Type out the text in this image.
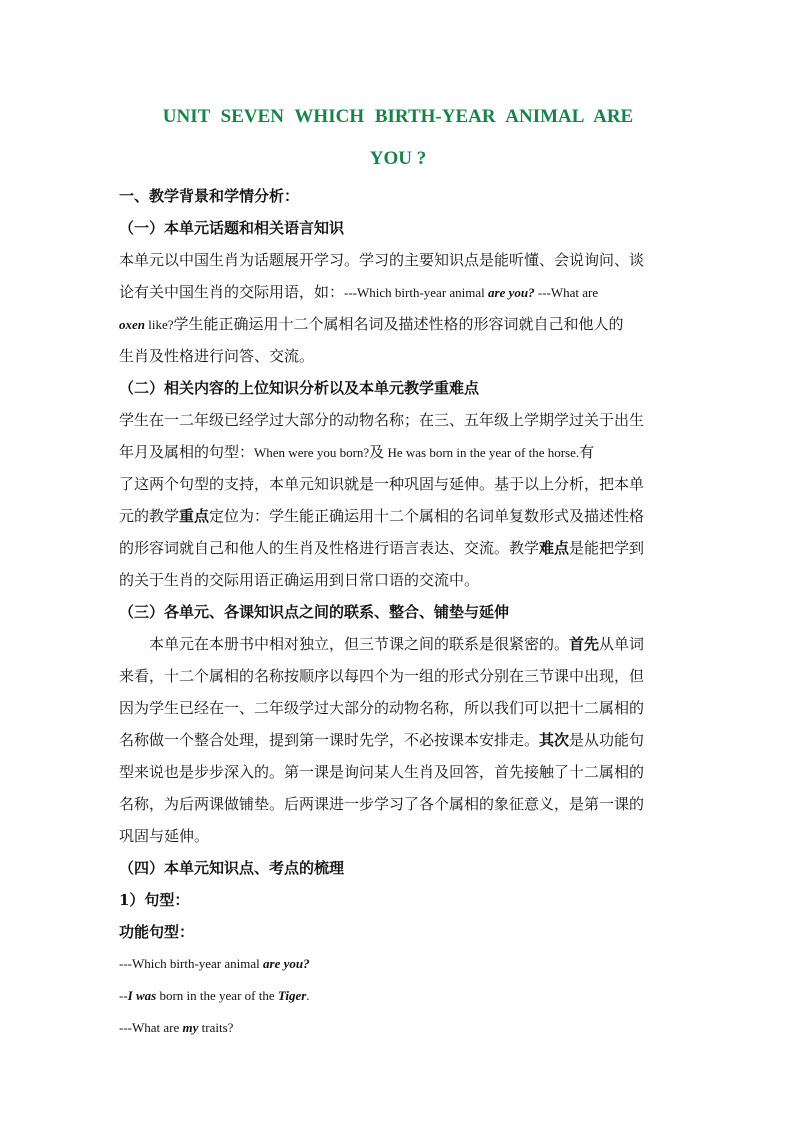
UNIT SEVEN WHICH BIRTH-YEAR ANIMAL ARE
YOU ?
一、教学背景和学情分析：
（一）本单元话题和相关语言知识
本单元以中国生肖为话题展开学习。学习的主要知识点是能听懂、会说询问、谈
论有关中国生肖的交际用语，如：---Which birth-year animal are you? ---What are
oxen like?学生能正确运用十二个属相名词及描述性格的形容词就自己和他人的
生肖及性格进行问答、交流。
（二）相关内容的上位知识分析以及本单元教学重难点
学生在一二年级已经学过大部分的动物名称；在三、五年级上学期学过关于出生
年月及属相的句型：When were you born?及 He was born in the year of the horse.有
了这两个句型的支持，本单元知识就是一种巩固与延伸。基于以上分析，把本单
元的教学重点定位为：学生能正确运用十二个属相的名词单复数形式及描述性格
的形容词就自己和他人的生肖及性格进行语言表达、交流。教学难点是能把学到
的关于生肖的交际用语正确运用到日常口语的交流中。
（三）各单元、各课知识点之间的联系、整合、铺垫与延伸
本单元在本册书中相对独立，但三节课之间的联系是很紧密的。首先从单词
来看，十二个属相的名称按顺序以每四个为一组的形式分别在三节课中出现，但
因为学生已经在一、二年级学过大部分的动物名称，所以我们可以把十二属相的
名称做一个整合处理，提到第一课时先学，不必按课本安排走。其次是从功能句
型来说也是步步深入的。第一课是询问某人生肖及回答，首先接触了十二属相的
名称，为后两课做铺垫。后两课进一步学习了各个属相的象征意义，是第一课的
巩固与延伸。
（四）本单元知识点、考点的梳理
1）句型：
功能句型：
---Which birth-year animal are you?
--I was born in the year of the Tiger.
---What are my traits?
